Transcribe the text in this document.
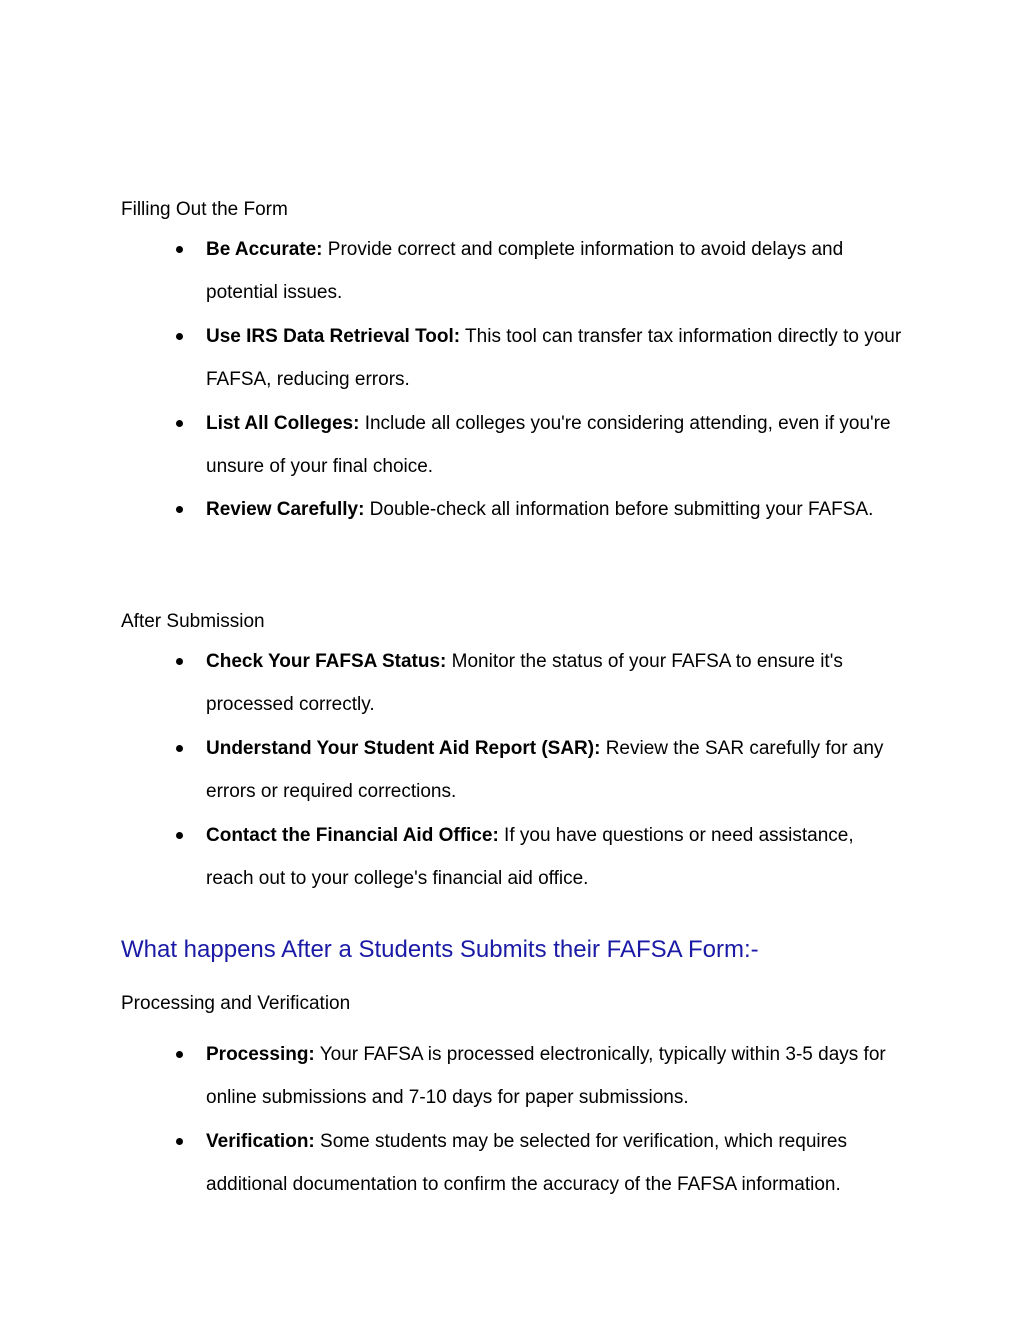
Filling Out the Form
Be Accurate: Provide correct and complete information to avoid delays and potential issues.
Use IRS Data Retrieval Tool: This tool can transfer tax information directly to your FAFSA, reducing errors.
List All Colleges: Include all colleges you're considering attending, even if you're unsure of your final choice.
Review Carefully: Double-check all information before submitting your FAFSA.
After Submission
Check Your FAFSA Status: Monitor the status of your FAFSA to ensure it's processed correctly.
Understand Your Student Aid Report (SAR): Review the SAR carefully for any errors or required corrections.
Contact the Financial Aid Office: If you have questions or need assistance, reach out to your college's financial aid office.
What happens After a Students Submits their FAFSA Form:-
Processing and Verification
Processing: Your FAFSA is processed electronically, typically within 3-5 days for online submissions and 7-10 days for paper submissions.
Verification: Some students may be selected for verification, which requires additional documentation to confirm the accuracy of the FAFSA information.
